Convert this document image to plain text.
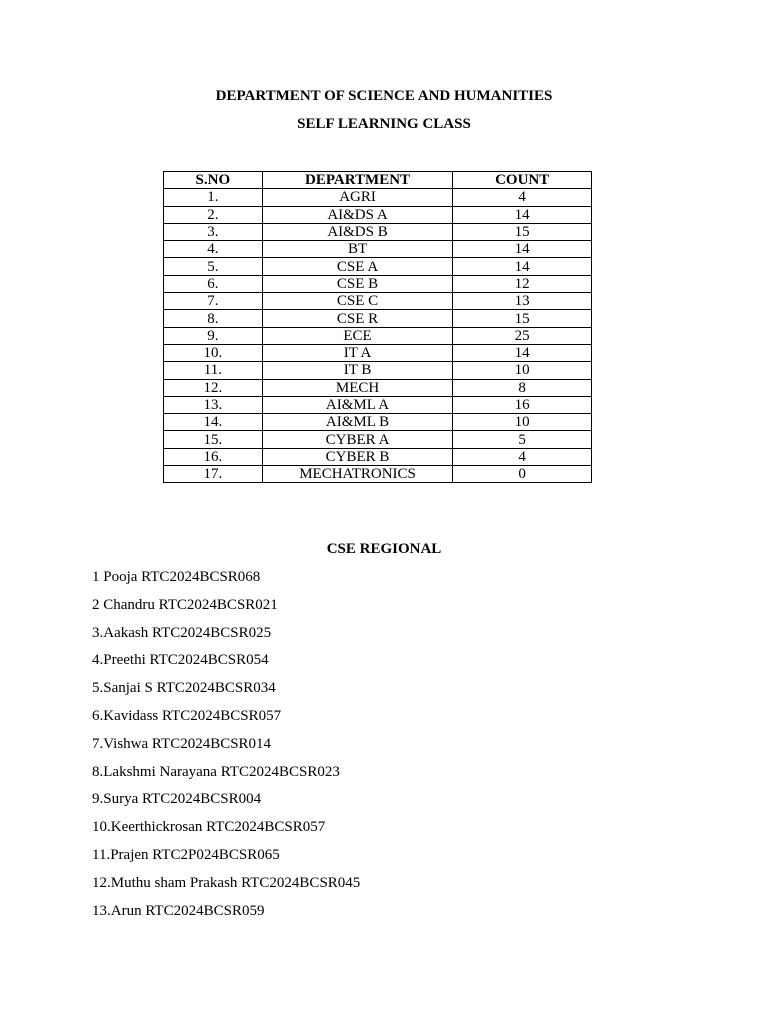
DEPARTMENT OF SCIENCE AND HUMANITIES
SELF LEARNING CLASS
S.NO	DEPARTMENT	COUNT
1.	AGRI	4
2.	AI&DS A	14
3.	AI&DS B	15
4.	BT	14
5.	CSE A	14
6.	CSE B	12
7.	CSE C	13
8.	CSE R	15
9.	ECE	25
10.	IT A	14
11.	IT B	10
12.	MECH	8
13.	AI&ML A	16
14.	AI&ML B	10
15.	CYBER A	5
16.	CYBER B	4
17.	MECHATRONICS	0
CSE REGIONAL
1 Pooja RTC2024BCSR068
2 Chandru RTC2024BCSR021
3.Aakash RTC2024BCSR025
4.Preethi RTC2024BCSR054
5.Sanjai S RTC2024BCSR034
6.Kavidass RTC2024BCSR057
7.Vishwa RTC2024BCSR014
8.Lakshmi Narayana RTC2024BCSR023
9.Surya RTC2024BCSR004
10.Keerthickrosan RTC2024BCSR057
11.Prajen RTC2P024BCSR065
12.Muthu sham Prakash RTC2024BCSR045
13.Arun RTC2024BCSR059
